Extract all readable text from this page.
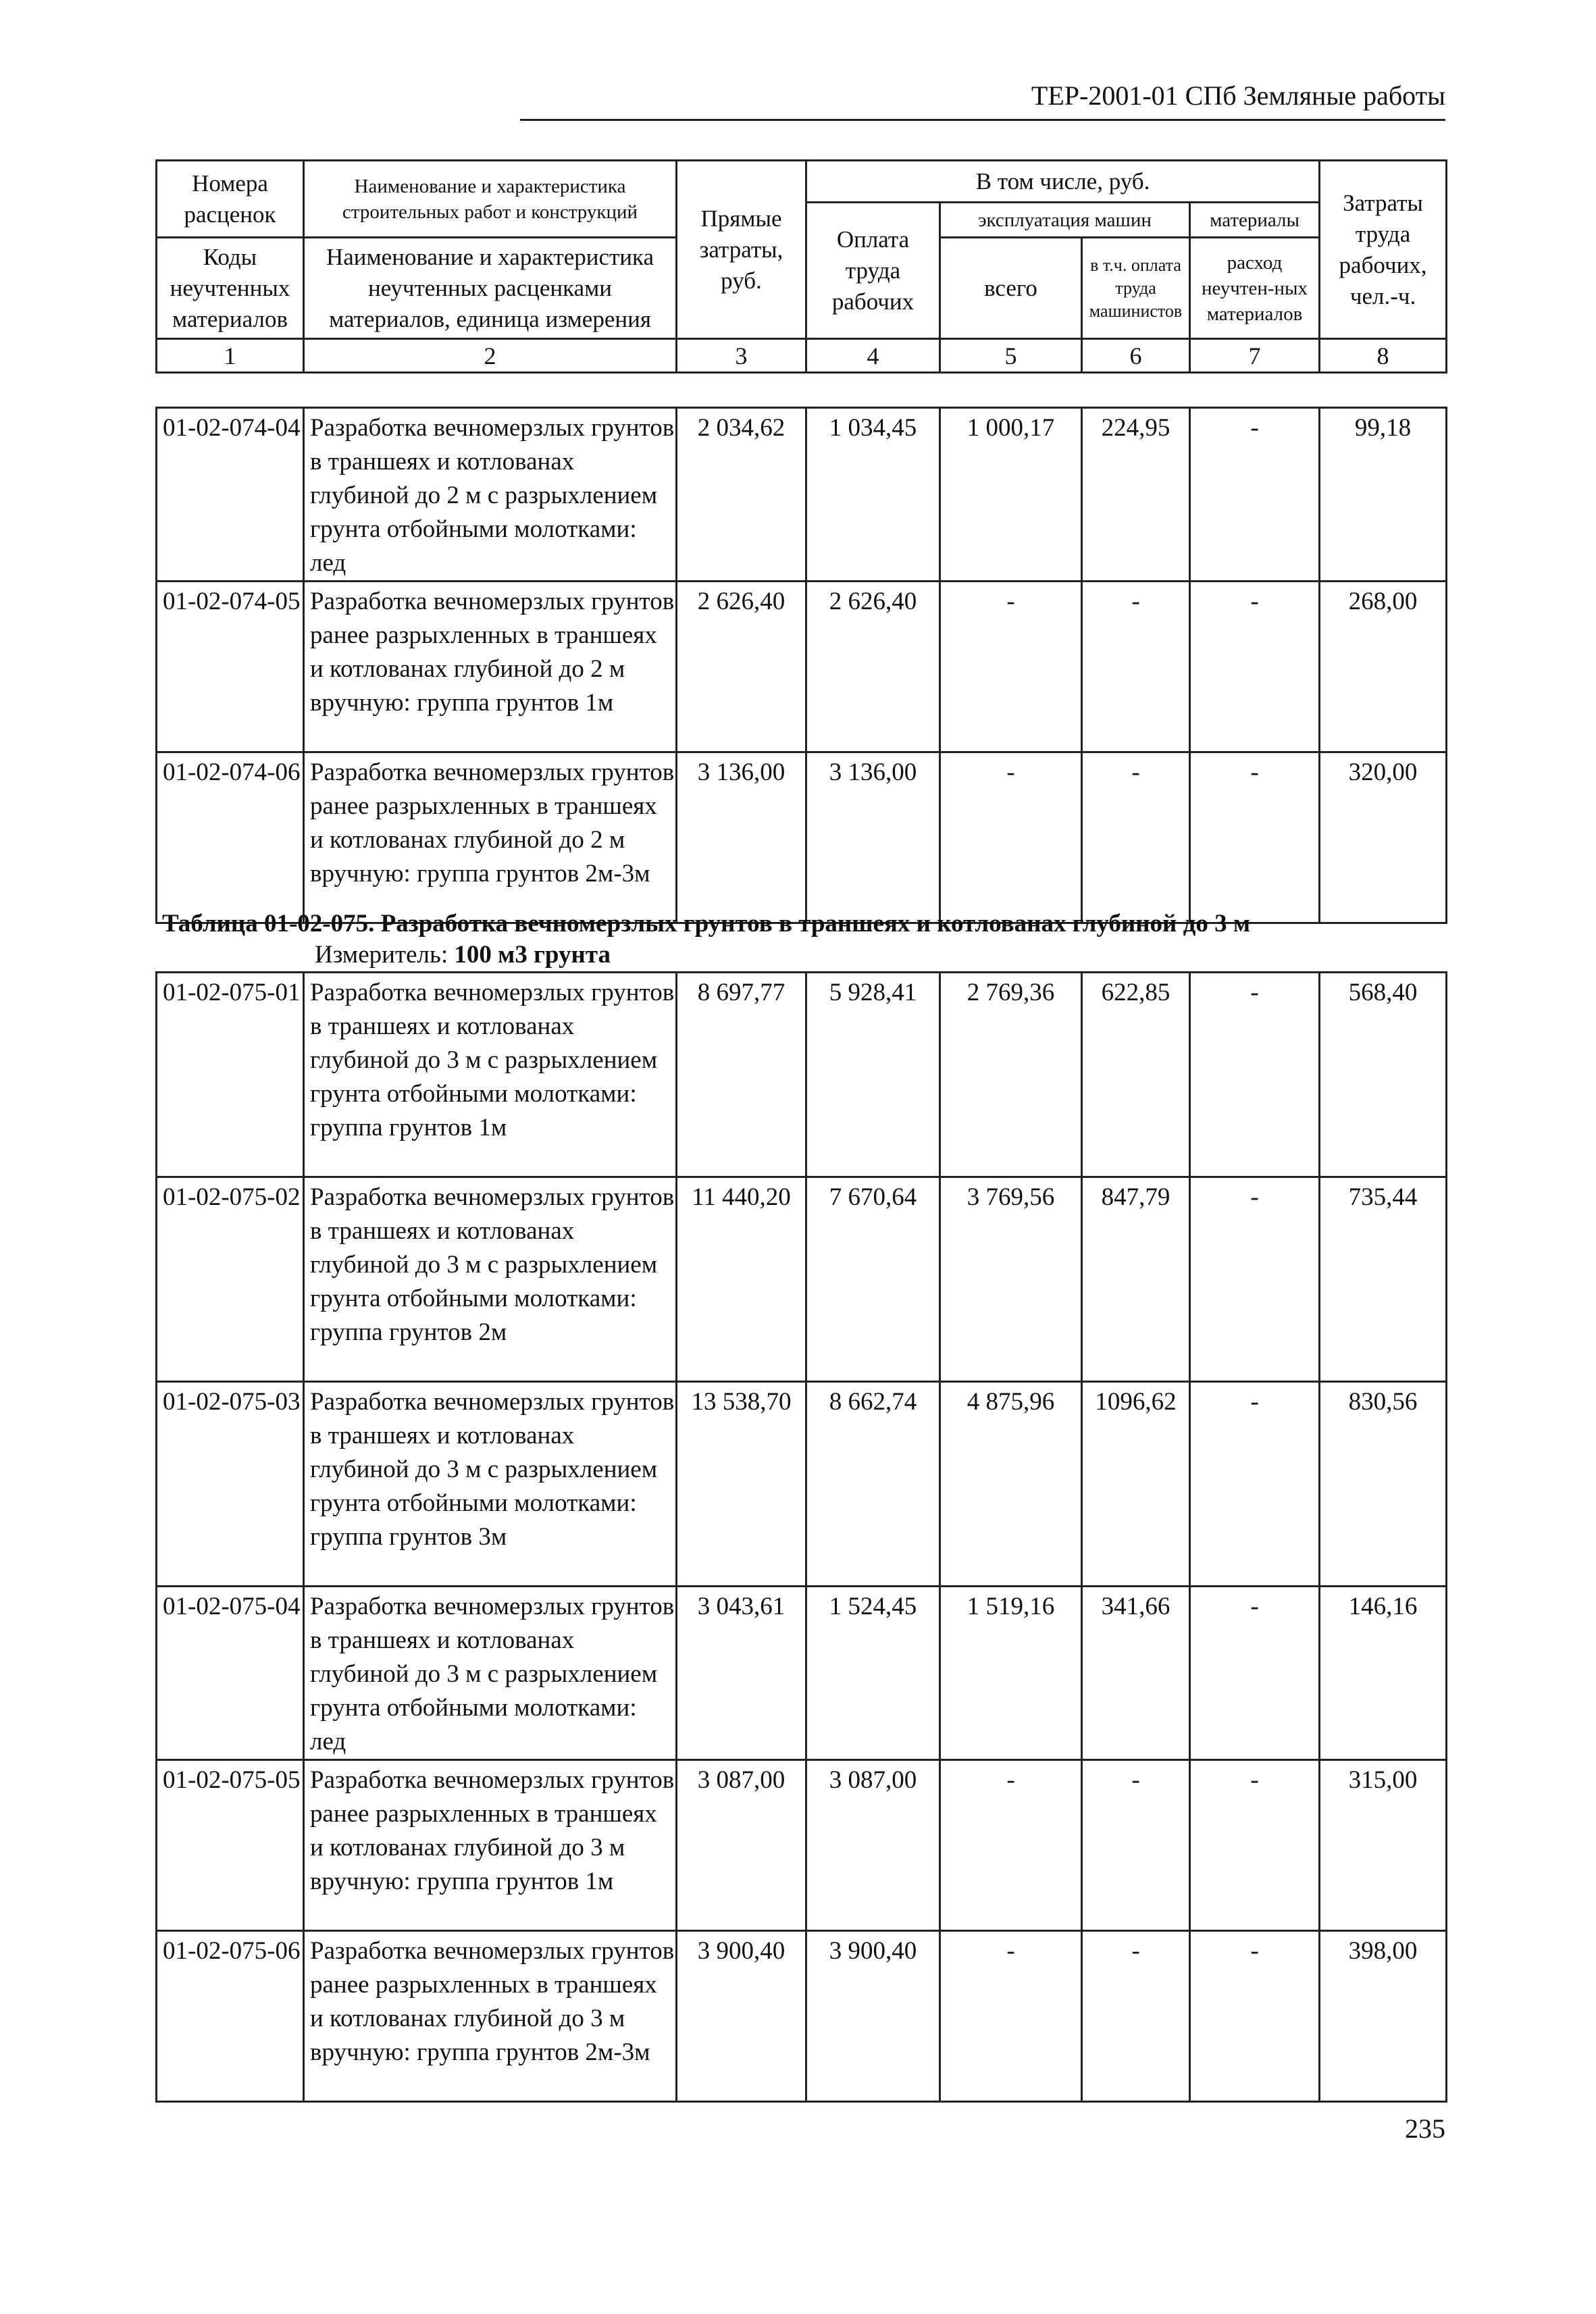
ТЕР-2001-01 СПб Земляные работы
Номера расценок	Наименование и характеристика строительных работ и конструкций	Прямые затраты, руб.	В том числе, руб.				Затраты труда рабочих, чел.-ч.
			Оплата труда рабочих	эксплуатация машин		материалы	
Коды неучтенных материалов	Наименование и характеристика неучтенных расценками материалов, единица измерения			всего	в т.ч. оплата труда машинистов	расход неучтен-ных материалов	

1	2	3	4	5	6	7	8
01-02-074-04	Разработка вечномерзлых грунтов в траншеях и котлованах глубиной до 2 м с разрыхлением грунта отбойными молотками: лед	2 034,62	1 034,45	1 000,17	224,95	-	99,18
01-02-074-05	Разработка вечномерзлых грунтов ранее разрыхленных в траншеях и котлованах глубиной до 2 м вручную: группа грунтов 1м	2 626,40	2 626,40	-	-	-	268,00
01-02-074-06	Разработка вечномерзлых грунтов ранее разрыхленных в траншеях и котлованах глубиной до 2 м вручную: группа грунтов 2м-3м	3 136,00	3 136,00	-	-	-	320,00
Таблица 01-02-075. Разработка вечномерзлых грунтов в траншеях и котлованах глубиной до 3 м
Измеритель: 100 м3 грунта
01-02-075-01	Разработка вечномерзлых грунтов в траншеях и котлованах глубиной до 3 м с разрыхлением грунта отбойными молотками: группа грунтов 1м	8 697,77	5 928,41	2 769,36	622,85	-	568,40
01-02-075-02	Разработка вечномерзлых грунтов в траншеях и котлованах глубиной до 3 м с разрыхлением грунта отбойными молотками: группа грунтов 2м	11 440,20	7 670,64	3 769,56	847,79	-	735,44
01-02-075-03	Разработка вечномерзлых грунтов в траншеях и котлованах глубиной до 3 м с разрыхлением грунта отбойными молотками: группа грунтов 3м	13 538,70	8 662,74	4 875,96	1096,62	-	830,56
01-02-075-04	Разработка вечномерзлых грунтов в траншеях и котлованах глубиной до 3 м с разрыхлением грунта отбойными молотками: лед	3 043,61	1 524,45	1 519,16	341,66	-	146,16
01-02-075-05	Разработка вечномерзлых грунтов ранее разрыхленных в траншеях и котлованах глубиной до 3 м вручную: группа грунтов 1м	3 087,00	3 087,00	-	-	-	315,00
01-02-075-06	Разработка вечномерзлых грунтов ранее разрыхленных в траншеях и котлованах глубиной до 3 м вручную: группа грунтов 2м-3м	3 900,40	3 900,40	-	-	-	398,00
235
